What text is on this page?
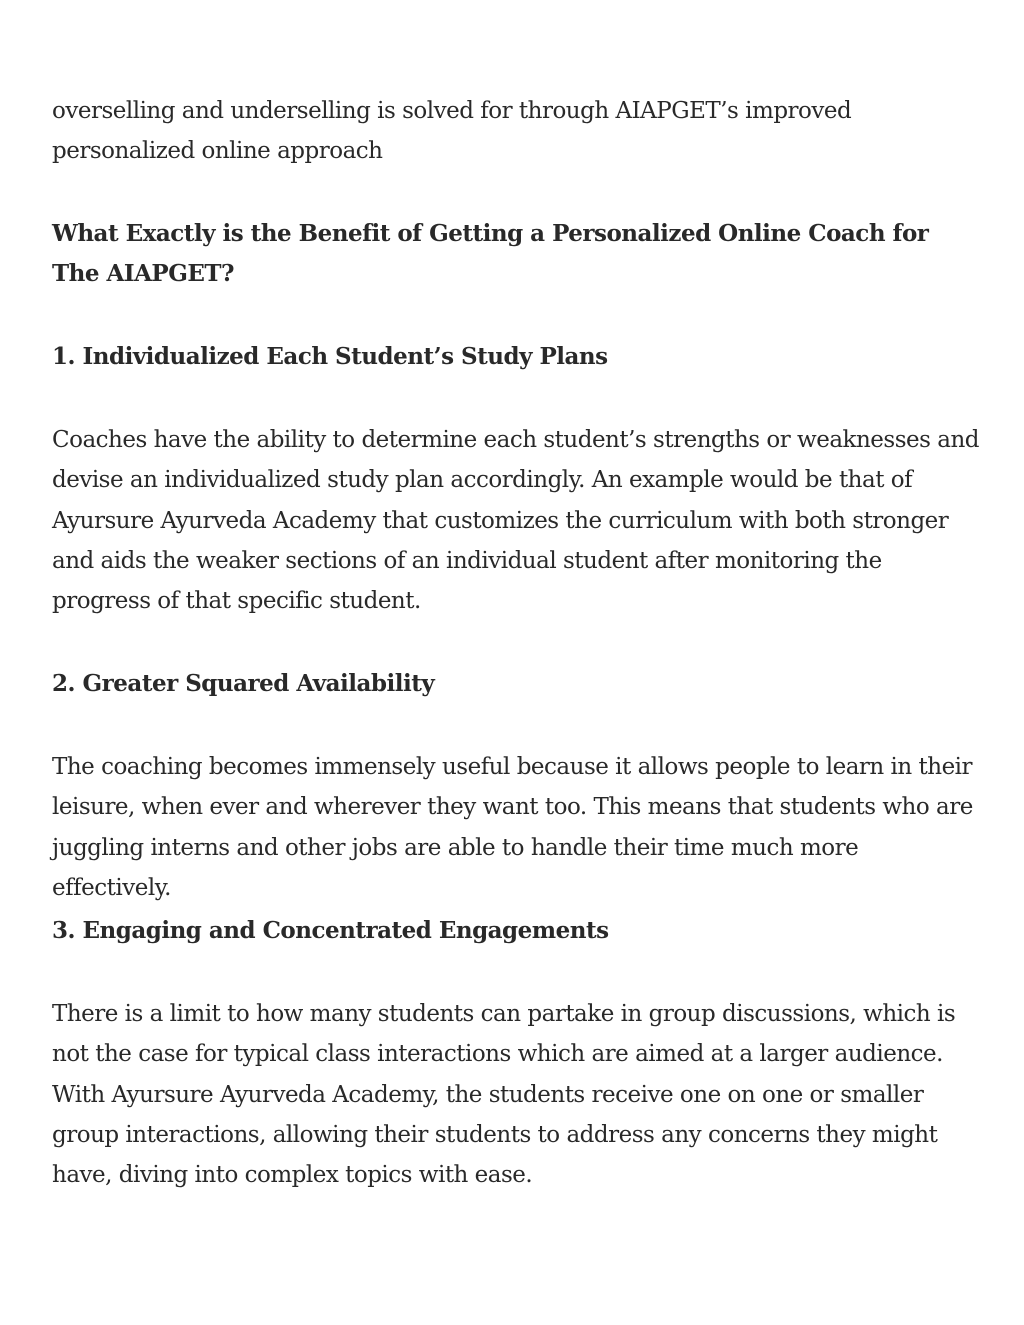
overselling and underselling is solved for through AIAPGET’s improved personalized online approach

What Exactly is the Benefit of Getting a Personalized Online Coach for The AIAPGET?

1. Individualized Each Student’s Study Plans

Coaches have the ability to determine each student’s strengths or weaknesses and devise an individualized study plan accordingly. An example would be that of Ayursure Ayurveda Academy that customizes the curriculum with both stronger and aids the weaker sections of an individual student after monitoring the progress of that specific student.

2. Greater Squared Availability

The coaching becomes immensely useful because it allows people to learn in their leisure, when ever and wherever they want too. This means that students who are juggling interns and other jobs are able to handle their time much more effectively.

3. Engaging and Concentrated Engagements

There is a limit to how many students can partake in group discussions, which is not the case for typical class interactions which are aimed at a larger audience. With Ayursure Ayurveda Academy, the students receive one on one or smaller group interactions, allowing their students to address any concerns they might have, diving into complex topics with ease.
